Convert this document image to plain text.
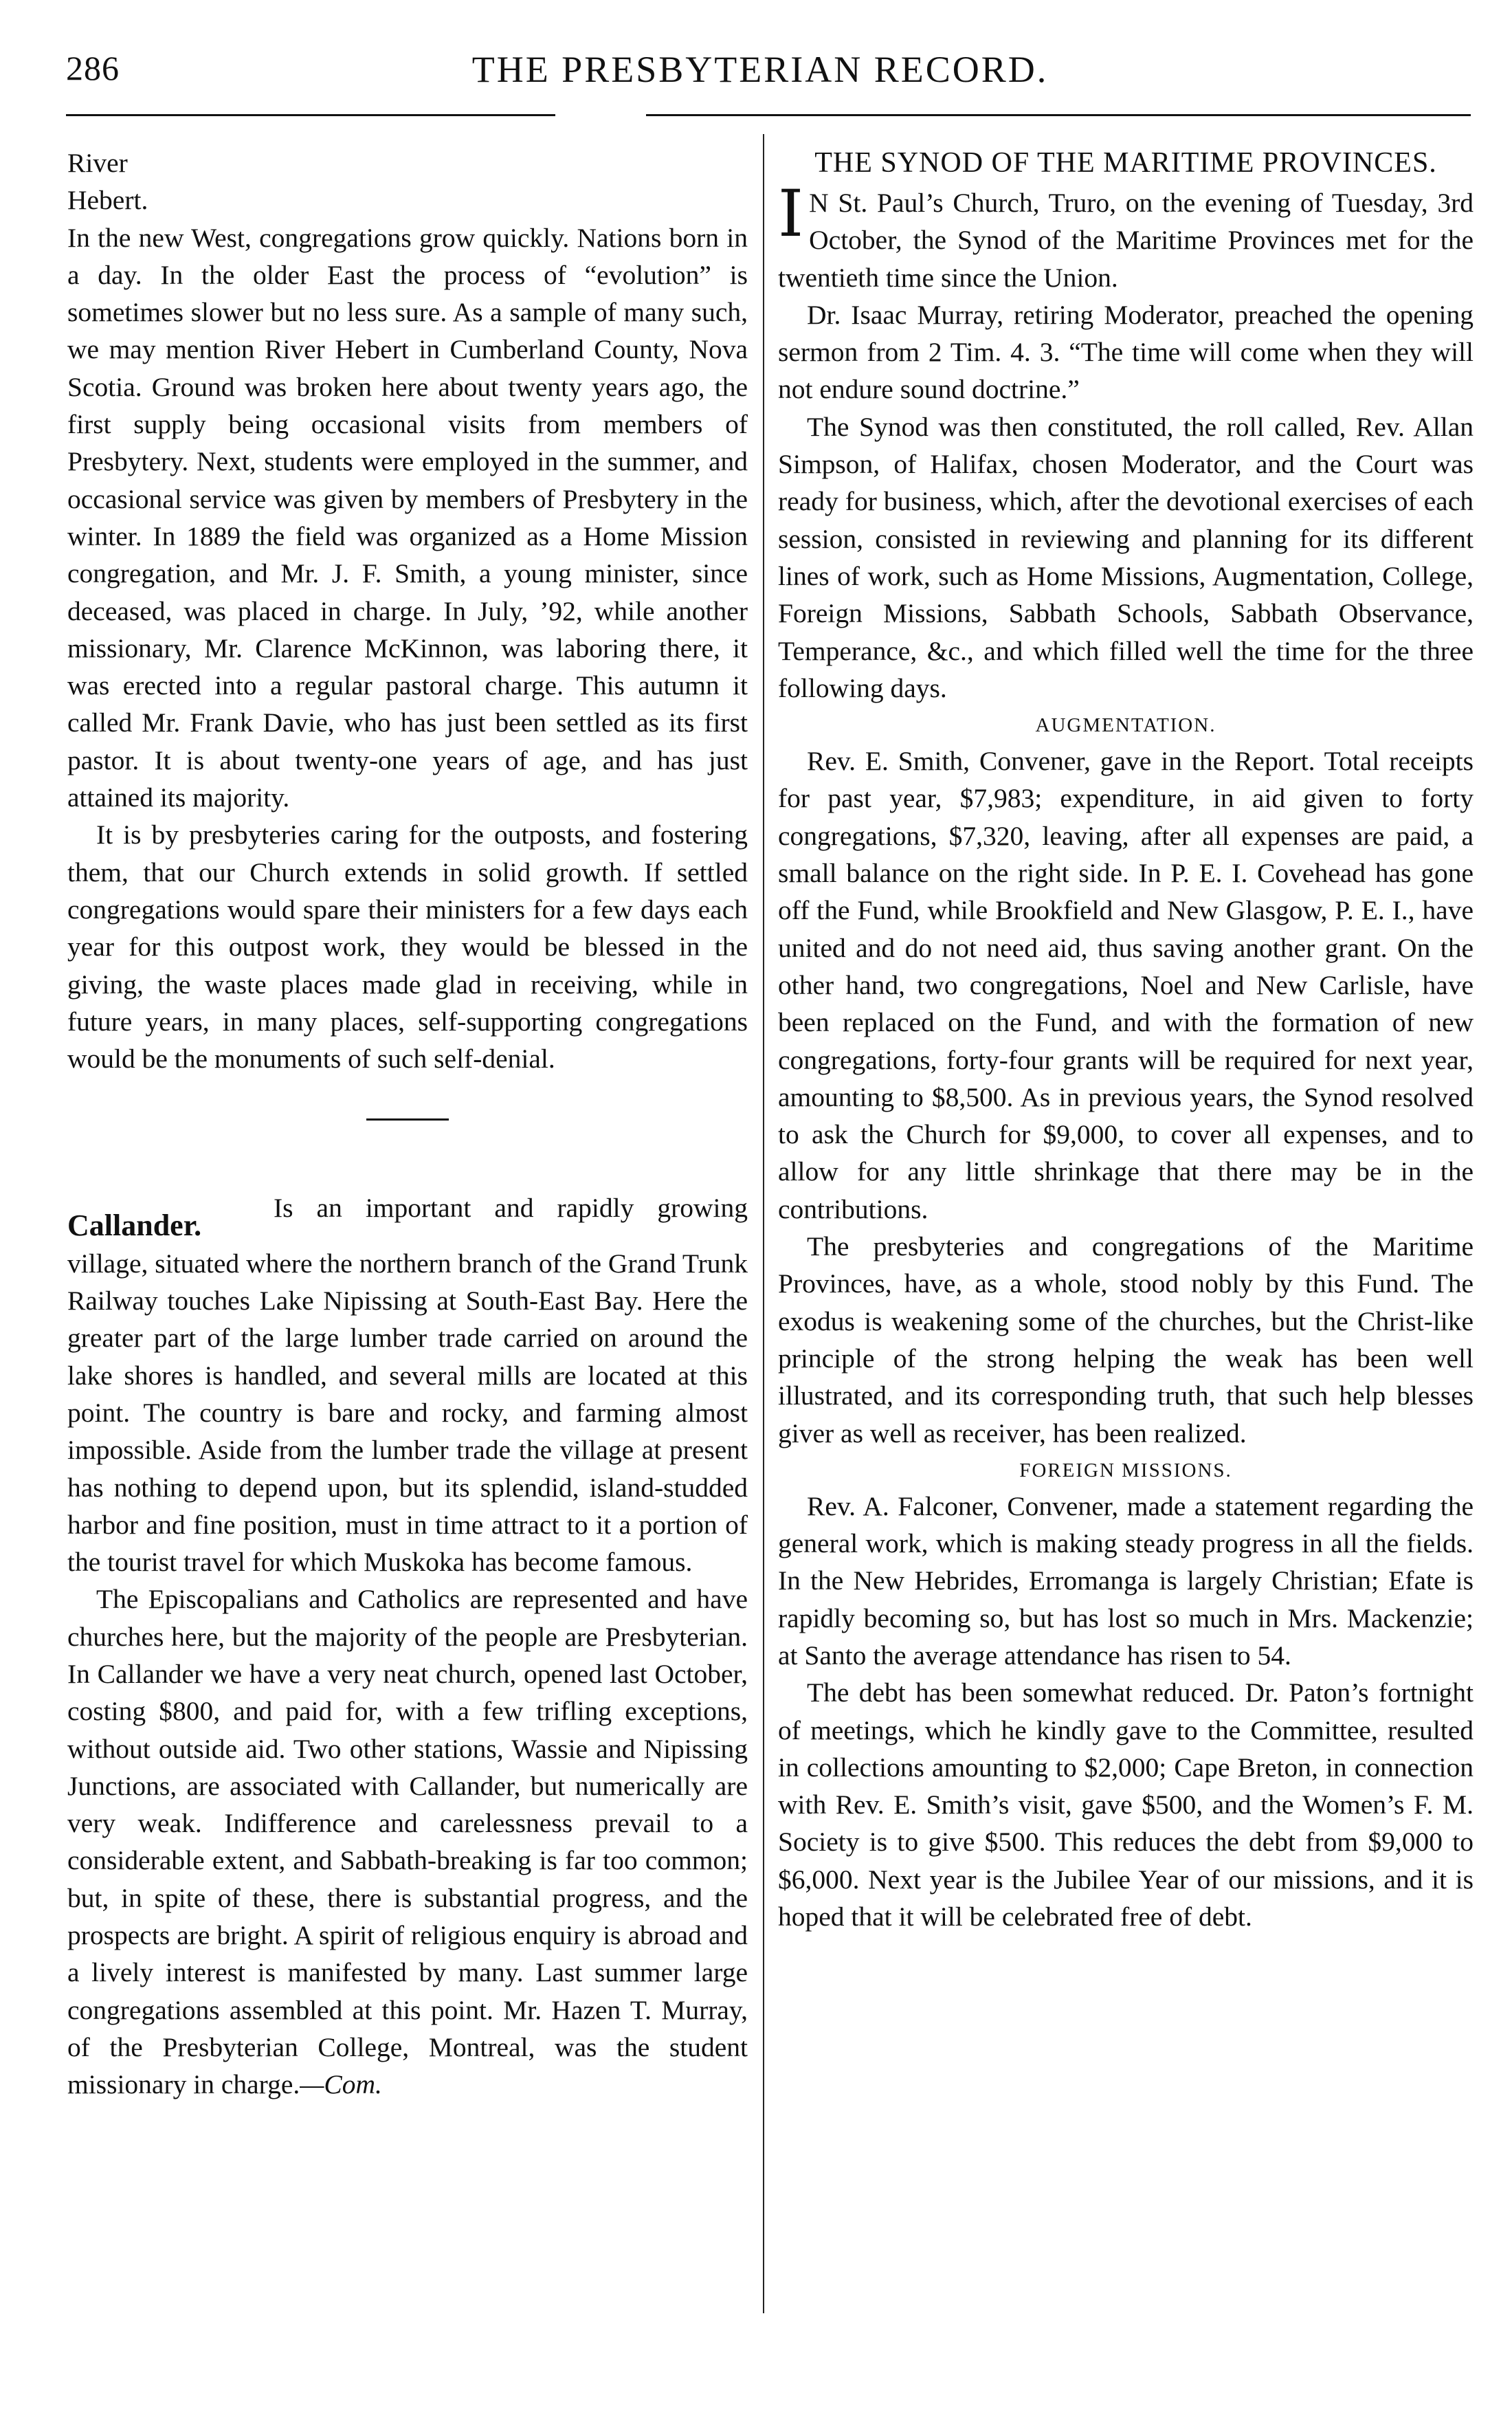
286	THE PRESBYTERIAN RECORD.

River
Hebert.
In the new West, congregations grow quickly. Nations born in a day. In the older East the process of “evolution” is sometimes slower but no less sure. As a sample of many such, we may mention River Hebert in Cumberland County, Nova Scotia. Ground was broken here about twenty years ago, the first supply being occasional visits from members of Presbytery. Next, students were employed in the summer, and occasional service was given by members of Presbytery in the winter. In 1889 the field was organized as a Home Mission congregation, and Mr. J. F. Smith, a young minister, since deceased, was placed in charge. In July, ’92, while another missionary, Mr. Clarence McKinnon, was laboring there, it was erected into a regular pastoral charge. This autumn it called Mr. Frank Davie, who has just been settled as its first pastor. It is about twenty-one years of age, and has just attained its majority.

It is by presbyteries caring for the outposts, and fostering them, that our Church extends in solid growth. If settled congregations would spare their ministers for a few days each year for this outpost work, they would be blessed in the giving, the waste places made glad in receiving, while in future years, in many places, self-supporting congregations would be the monuments of such self-denial.

Callander.Is an important and rapidly growing village, situated where the northern branch of the Grand Trunk Railway touches Lake Nipissing at South-East Bay. Here the greater part of the large lumber trade carried on around the lake shores is handled, and several mills are located at this point. The country is bare and rocky, and farming almost impossible. Aside from the lumber trade the village at present has nothing to depend upon, but its splendid, island-studded harbor and fine position, must in time attract to it a portion of the tourist travel for which Muskoka has become famous.

The Episcopalians and Catholics are represented and have churches here, but the majority of the people are Presbyterian. In Callander we have a very neat church, opened last October, costing $800, and paid for, with a few trifling exceptions, without outside aid. Two other stations, Wassie and Nipissing Junctions, are associated with Callander, but numerically are very weak. Indifference and carelessness prevail to a considerable extent, and Sabbath-breaking is far too common; but, in spite of these, there is substantial progress, and the prospects are bright. A spirit of religious enquiry is abroad and a lively interest is manifested by many. Last summer large congregations assembled at this point. Mr. Hazen T. Murray, of the Presbyterian College, Montreal, was the student missionary in charge.—Com.

THE SYNOD OF THE MARITIME PROVINCES.

I N St. Paul’s Church, Truro, on the evening of Tuesday, 3rd October, the Synod of the Maritime Provinces met for the twentieth time since the Union.

Dr. Isaac Murray, retiring Moderator, preached the opening sermon from 2 Tim. 4. 3. “The time will come when they will not endure sound doctrine.”

The Synod was then constituted, the roll called, Rev. Allan Simpson, of Halifax, chosen Moderator, and the Court was ready for business, which, after the devotional exercises of each session, consisted in reviewing and planning for its different lines of work, such as Home Missions, Augmentation, College, Foreign Missions, Sabbath Schools, Sabbath Observance, Temperance, &c., and which filled well the time for the three following days.

AUGMENTATION.

Rev. E. Smith, Convener, gave in the Report. Total receipts for past year, $7,983; expenditure, in aid given to forty congregations, $7,320, leaving, after all expenses are paid, a small balance on the right side. In P. E. I. Covehead has gone off the Fund, while Brookfield and New Glasgow, P. E. I., have united and do not need aid, thus saving another grant. On the other hand, two congregations, Noel and New Carlisle, have been replaced on the Fund, and with the formation of new congregations, forty-four grants will be required for next year, amounting to $8,500. As in previous years, the Synod resolved to ask the Church for $9,000, to cover all expenses, and to allow for any little shrinkage that there may be in the contributions.

The presbyteries and congregations of the Maritime Provinces, have, as a whole, stood nobly by this Fund. The exodus is weakening some of the churches, but the Christ-like principle of the strong helping the weak has been well illustrated, and its corresponding truth, that such help blesses giver as well as receiver, has been realized.

FOREIGN MISSIONS.

Rev. A. Falconer, Convener, made a statement regarding the general work, which is making steady progress in all the fields. In the New Hebrides, Erromanga is largely Christian; Efate is rapidly becoming so, but has lost so much in Mrs. Mackenzie; at Santo the average attendance has risen to 54.

The debt has been somewhat reduced. Dr. Paton’s fortnight of meetings, which he kindly gave to the Committee, resulted in collections amounting to $2,000; Cape Breton, in connection with Rev. E. Smith’s visit, gave $500, and the Women’s F. M. Society is to give $500. This reduces the debt from $9,000 to $6,000. Next year is the Jubilee Year of our missions, and it is hoped that it will be celebrated free of debt.
